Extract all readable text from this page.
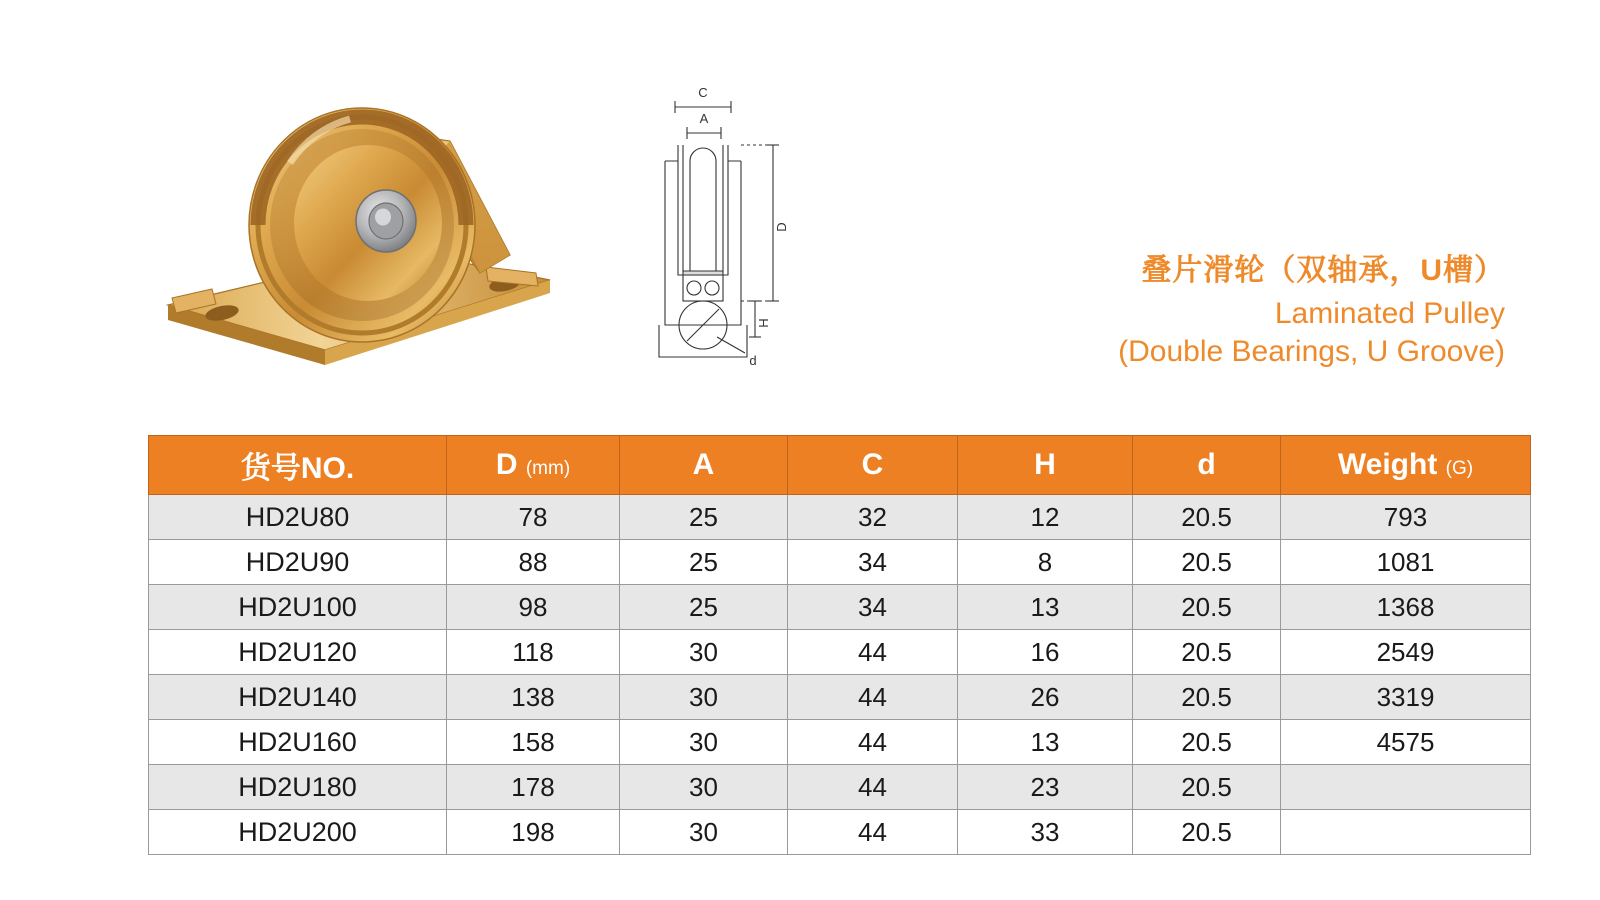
C
A
D
H
d
叠片滑轮（双轴承，U槽）
Laminated Pulley
(Double Bearings, U Groove)
货号NO.	D (mm)	A	C	H	d	Weight (G)
HD2U80	78	25	32	12	20.5	793
HD2U90	88	25	34	8	20.5	1081
HD2U100	98	25	34	13	20.5	1368
HD2U120	118	30	44	16	20.5	2549
HD2U140	138	30	44	26	20.5	3319
HD2U160	158	30	44	13	20.5	4575
HD2U180	178	30	44	23	20.5	
HD2U200	198	30	44	33	20.5	
